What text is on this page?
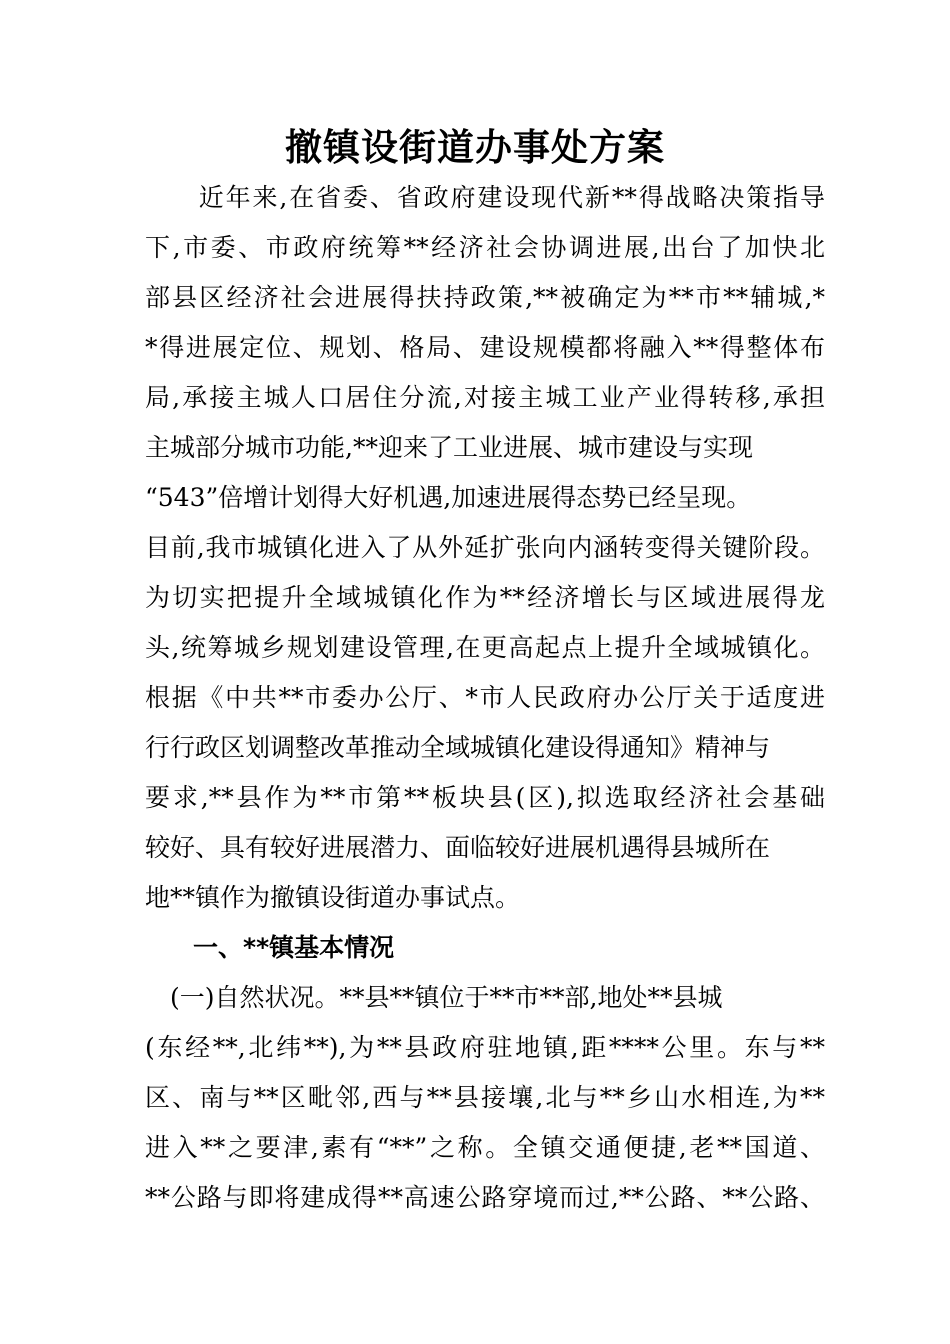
撤镇设街道办事处方案
　　近年来,在省委、省政府建设现代新**得战略决策指导
下,市委、市政府统筹**经济社会协调进展,出台了加快北
部县区经济社会进展得扶持政策,**被确定为**市**辅城,*
*得进展定位、规划、格局、建设规模都将融入**得整体布
局,承接主城人口居住分流,对接主城工业产业得转移,承担
主城部分城市功能,**迎来了工业进展、城市建设与实现
“543”倍增计划得大好机遇,加速进展得态势已经呈现。
目前,我市城镇化进入了从外延扩张向内涵转变得关键阶段。
为切实把提升全域城镇化作为**经济增长与区域进展得龙
头,统筹城乡规划建设管理,在更高起点上提升全域城镇化。
根据《中共**市委办公厅、*市人民政府办公厅关于适度进
行行政区划调整改革推动全域城镇化建设得通知》精神与
要求,**县作为**市第**板块县(区),拟选取经济社会基础
较好、具有较好进展潜力、面临较好进展机遇得县城所在
地**镇作为撤镇设街道办事试点。
一、**镇基本情况
　(一)自然状况。**县**镇位于**市**部,地处**县城
(东经**,北纬**),为**县政府驻地镇,距****公里。东与**
区、南与**区毗邻,西与**县接壤,北与**乡山水相连,为**
进入**之要津,素有“**”之称。全镇交通便捷,老**国道、
**公路与即将建成得**高速公路穿境而过,**公路、**公路、
